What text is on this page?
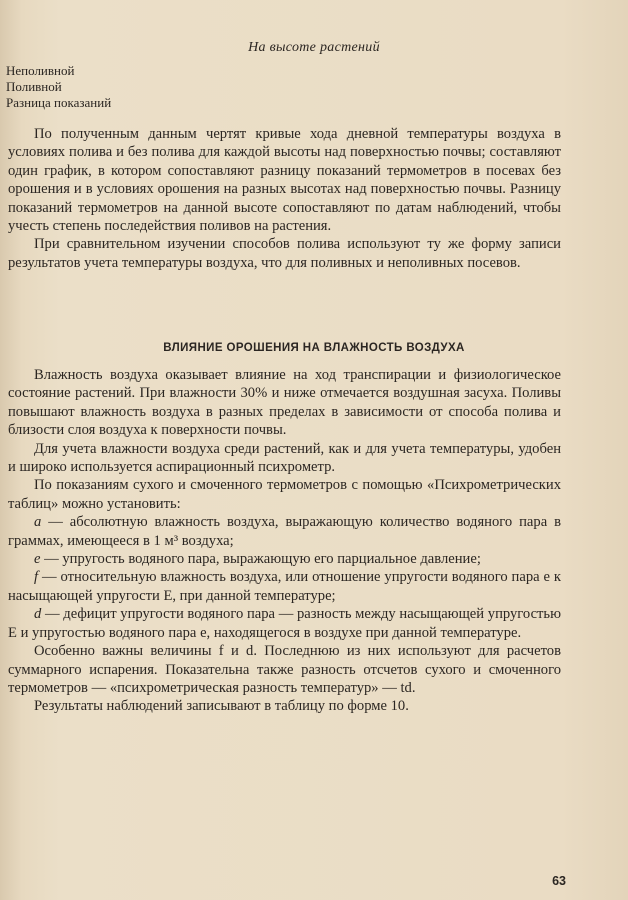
На высоте растений
Неполивной
Поливной
Разница показаний

По полученным данным чертят кривые хода дневной температуры воздуха в условиях полива и без полива для каждой высоты над поверхностью почвы; составляют один график, в котором сопоставляют разницу показаний термометров в посевах без орошения и в условиях орошения на разных высотах над поверхностью почвы. Разницу показаний термометров на данной высоте сопоставляют по датам наблюдений, чтобы учесть степень последействия поливов на растения.

При сравнительном изучении способов полива используют ту же форму записи результатов учета температуры воздуха, что для поливных и неполивных посевов.

ВЛИЯНИЕ ОРОШЕНИЯ НА ВЛАЖНОСТЬ ВОЗДУХА

Влажность воздуха оказывает влияние на ход транспирации и физиологическое состояние растений. При влажности 30% и ниже отмечается воздушная засуха. Поливы повышают влажность воздуха в разных пределах в зависимости от способа полива и близости слоя воздуха к поверхности почвы.

Для учета влажности воздуха среди растений, как и для учета температуры, удобен и широко используется аспирационный психрометр.

По показаниям сухого и смоченного термометров с помощью «Психрометрических таблиц» можно установить:

a — абсолютную влажность воздуха, выражающую количество водяного пара в граммах, имеющееся в 1 м³ воздуха;

e — упругость водяного пара, выражающую его парциальное давление;

f — относительную влажность воздуха, или отношение упругости водяного пара e к насыщающей упругости E, при данной температуре;

d — дефицит упругости водяного пара — разность между насыщающей упругостью E и упругостью водяного пара e, находящегося в воздухе при данной температуре.

Особенно важны величины f и d. Последнюю из них используют для расчетов суммарного испарения. Показательна также разность отсчетов сухого и смоченного термометров — «психрометрическая разность температур» — td.

Результаты наблюдений записывают в таблицу по форме 10.

63
